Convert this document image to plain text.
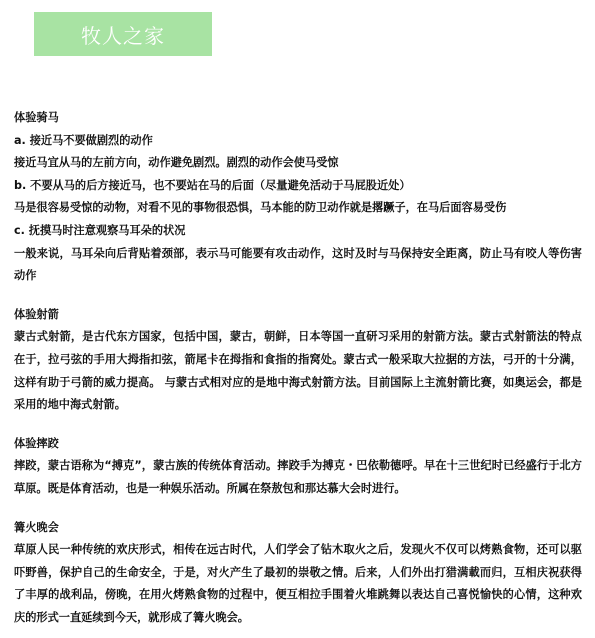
牧人之家
体验骑马
a. 接近马不要做剧烈的动作
接近马宜从马的左前方向，动作避免剧烈。剧烈的动作会使马受惊
b. 不要从马的后方接近马，也不要站在马的后面（尽量避免活动于马屁股近处）
马是很容易受惊的动物，对看不见的事物很恐惧，马本能的防卫动作就是撂蹶子，在马后面容易受伤
c. 抚摸马时注意观察马耳朵的状况
一般来说，马耳朵向后背贴着颈部，表示马可能要有攻击动作，这时及时与马保持安全距离，防止马有咬人等伤害动作
体验射箭
蒙古式射箭，是古代东方国家，包括中国，蒙古，朝鲜，日本等国一直研习采用的射箭方法。蒙古式射箭法的特点在于，拉弓弦的手用大拇指扣弦，箭尾卡在拇指和食指的指窝处。蒙古式一般采取大拉据的方法，弓开的十分满，这样有助于弓箭的威力提高。 与蒙古式相对应的是地中海式射箭方法。目前国际上主流射箭比赛，如奥运会，都是采用的地中海式射箭。
体验摔跤
摔跤，蒙古语称为“搏克”，蒙古族的传统体育活动。摔跤手为搏克・巴依勒德呼。早在十三世纪时已经盛行于北方草原。既是体育活动，也是一种娱乐活动。所属在祭敖包和那达慕大会时进行。
篝火晚会
草原人民一种传统的欢庆形式，相传在远古时代，人们学会了钻木取火之后，发现火不仅可以烤熟食物，还可以驱吓野兽，保护自己的生命安全，于是，对火产生了最初的崇敬之情。后来，人们外出打猎满載而归，互相庆祝获得了丰厚的战利品，傍晚，在用火烤熟食物的过程中，便互相拉手围着火堆跳舞以表达自己喜悦愉快的心情，这种欢庆的形式一直延续到今天，就形成了篝火晚会。
